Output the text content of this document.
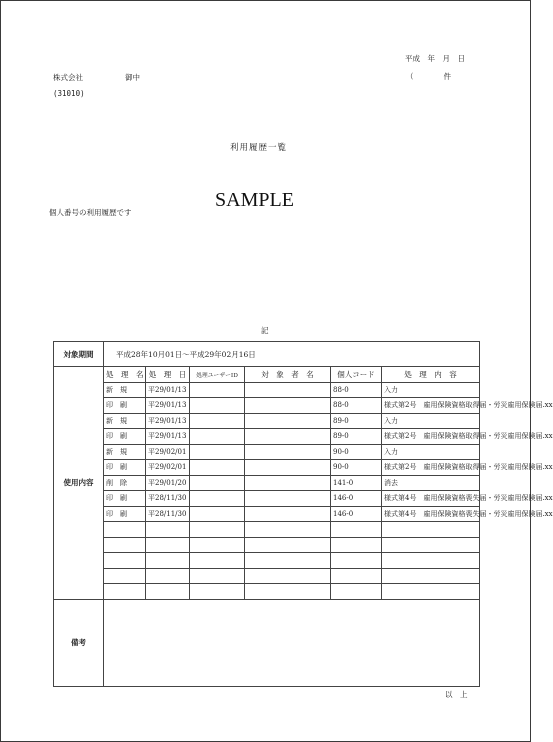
平成　年　月　日
（　　　　件
株式会社	御中
(31010)
利用履歴一覧
SAMPLE
個人番号の利用履歴です
記
対象期間	平成28年10月01日～平成29年02月16日					
使用内容	処　理　名	処　理　日	処理ユーザーID	対　象　者　名	個人コード	処　理　内　容
	新　規	平29/01/13			88-0	入力
	印　刷	平29/01/13			88-0	様式第2号　雇用保険資格取得届・労災雇用保険届.xx
	新　規	平29/01/13			89-0	入力
	印　刷	平29/01/13			89-0	様式第2号　雇用保険資格取得届・労災雇用保険届.xx
	新　規	平29/02/01			90-0	入力
	印　刷	平29/02/01			90-0	様式第2号　雇用保険資格取得届・労災雇用保険届.xx
	削　除	平29/01/20			141-0	消去
	印　刷	平28/11/30			146-0	様式第4号　雇用保険資格喪失届・労災雇用保険届.xx
	印　刷	平28/11/30			146-0	様式第4号　雇用保険資格喪失届・労災雇用保険届.xx

備考						
以　上
